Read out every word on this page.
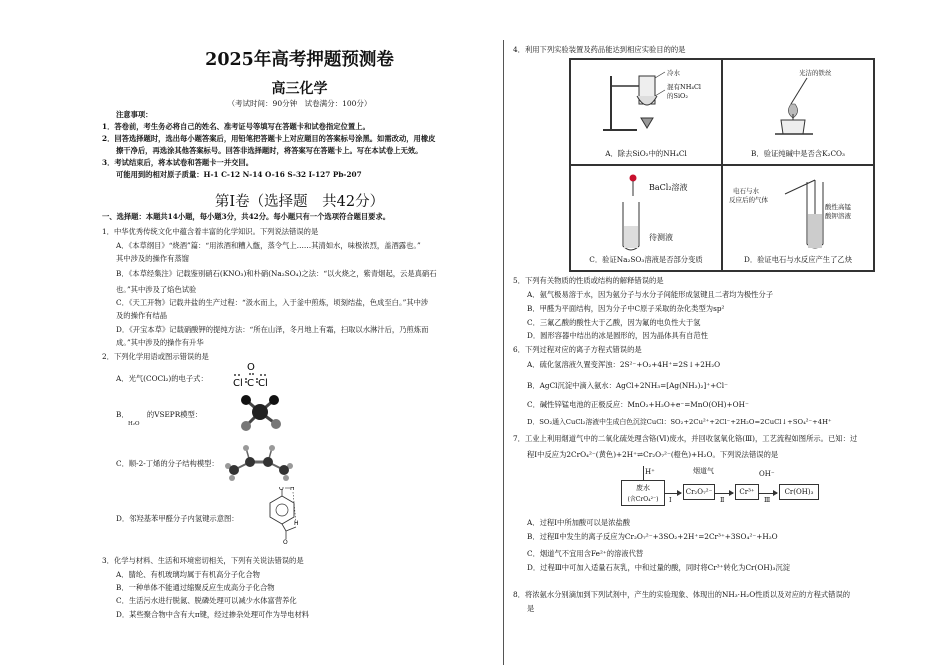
2025年高考押题预测卷
高三化学
（考试时间：90分钟　试卷满分：100分）
注意事项：
1．答卷前，考生务必将自己的姓名、准考证号等填写在答题卡和试卷指定位置上。
2．回答选择题时，选出每小题答案后，用铅笔把答题卡上对应题目的答案标号涂黑。如需改动，用橡皮
擦干净后，再选涂其他答案标号。回答非选择题时，将答案写在答题卡上。写在本试卷上无效。
3．考试结束后，将本试卷和答题卡一并交回。
可能用到的相对原子质量：H-1 C-12 N-14 O-16 S-32 I-127 Pb-207
第Ⅰ卷（选择题　共42分）
一、选择题：本题共14小题，每小题3分，共42分。每小题只有一个选项符合题目要求。
1．中华优秀传统文化中蕴含着丰富的化学知识。下列说法错误的是
A．《本草纲目》“烧酒”篇：“用浓酒和糟入甑，蒸令气上……其清如水，味极浓烈，盖酒露也。”
其中涉及的操作有蒸馏
B．《本草经集注》记载鉴别硝石(KNO₃)和朴硝(Na₂SO₄)之法：“以火烧之，紫青烟起，云是真硝石
也。”其中涉及了焰色试验
C．《天工开物》记载井盐的生产过程：“汲水而上，入于釜中煎炼，顷刻结盐，色成至白。”其中涉
及的操作有结晶
D．《开宝本草》记载硝酸钾的提纯方法：“所在山泽，冬月地上有霜，扫取以水淋汁后，乃煎炼而
成。”其中涉及的操作有升华
2．下列化学用语或图示错误的是
A．光气(COCl₂)的电子式：
O
Cl C Cl
B．　　　的VSEPR模型：
H₂O
C．顺-2-丁烯的分子结构模型：
D．邻羟基苯甲醛分子内氢键示意图：
O H
H
O
3．化学与材料、生活和环境密切相关，下列有关说法错误的是
A．腈纶、有机玻璃均属于有机高分子化合物
B．一种单体不能通过缩聚反应生成高分子化合物
C．生活污水进行脱氮、脱磷处理可以减少水体富营养化
D．某些聚合物中含有大π键，经过掺杂处理可作为导电材料
4．利用下列实验装置及药品能达到相应实验目的的是
冷水
混有NH₄Cl
的SiO₂
A．除去SiO₂中的NH₄Cl
光洁的铁丝
B．验证纯碱中是否含K₂CO₃
BaCl₂溶液
待测液
C．验证Na₂SO₃溶液是否部分变质
电石与水
反应后的气体
酸性高锰
酸钾溶液
D．验证电石与水反应产生了乙炔
5．下列有关物质的性质或结构的解释错误的是
A．氨气极易溶于水，因为氨分子与水分子间能形成氢键且二者均为极性分子
B．甲醛为平面结构，因为分子中C原子采取的杂化类型为sp²
C．三氟乙酸的酸性大于乙酸，因为氟的电负性大于氢
D．圆形容器中结出的冰是圆形的，因为晶体具有自范性
6．下列过程对应的离子方程式错误的是
A．硫化氢溶液久置变浑浊：2S²⁻+O₂+4H⁺=2S↓+2H₂O
B．AgCl沉淀中滴入氨水：AgCl+2NH₃=[Ag(NH₃)₂]⁺+Cl⁻
C．碱性锌锰电池的正极反应：MnO₂+H₂O+e⁻=MnO(OH)+OH⁻
D．SO₂通入CuCl₂溶液中生成白色沉淀CuCl：SO₂+2Cu²⁺+2Cl⁻+2H₂O=2CuCl↓+SO₄²⁻+4H⁺
7．工业上利用烟道气中的二氧化硫处理含铬(Ⅵ)废水，并回收氢氧化铬(Ⅲ)，工艺流程如图所示。已知：过
程Ⅰ中反应为2CrO₄²⁻(黄色)+2H⁺⇌Cr₂O₇²⁻(橙色)+H₂O。下列说法错误的是
H⁺
废水
(含CrO₄²⁻)	Ⅰ
Cr₂O₇²⁻
烟道气
Ⅱ
Cr³⁺
OH⁻
Ⅲ
Cr(OH)₃
A．过程Ⅰ中所加酸可以是浓盐酸
B．过程Ⅱ中发生的离子反应为Cr₂O₇²⁻+3SO₂+2H⁺=2Cr³⁺+3SO₄²⁻+H₂O
C．烟道气不宜用含Fe²⁺的溶液代替
D．过程Ⅲ中可加入适量石灰乳，中和过量的酸，同时将Cr³⁺转化为Cr(OH)₃沉淀
8．将浓氨水分别滴加到下列试剂中，产生的实验现象、体现出的NH₃·H₂O性质以及对应的方程式错误的
是
